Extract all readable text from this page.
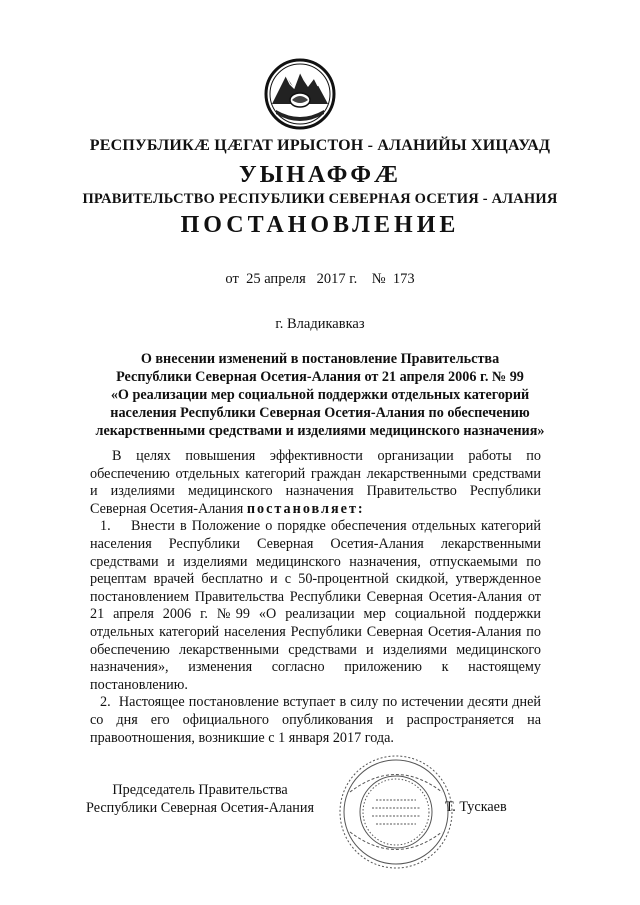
РЕСПУБЛИКÆ ЦÆГАТ ИРЫСТОН - АЛАНИЙЫ ХИЦАУАД
УЫНАФФÆ
ПРАВИТЕЛЬСТВО РЕСПУБЛИКИ СЕВЕРНАЯ ОСЕТИЯ - АЛАНИЯ
ПОСТАНОВЛЕНИЕ
от 25 апреля 2017 г. № 173
г. Владикавказ
О внесении изменений в постановление Правительства
Республики Северная Осетия-Алания от 21 апреля 2006 г. № 99
«О реализации мер социальной поддержки отдельных категорий
населения Республики Северная Осетия-Алания по обеспечению
лекарственными средствами и изделиями медицинского назначения»

В целях повышения эффективности организации работы по обеспечению отдельных категорий граждан лекарственными средствами и изделиями медицинского назначения Правительство Республики Северная Осетия-Алания постановляет:

1.    Внести в Положение о порядке обеспечения отдельных категорий населения Республики Северная Осетия-Алания лекарственными средствами и изделиями медицинского назначения, отпускаемыми по рецептам врачей бесплатно и с 50-процентной скидкой, утвержденное постановлением Правительства Республики Северная Осетия-Алания от 21 апреля 2006 г. №99 «О реализации мер социальной поддержки отдельных категорий населения Республики Северная Осетия-Алания по обеспечению лекарственными средствами и изделиями медицинского назначения», изменения согласно приложению к настоящему постановлению.

2.  Настоящее постановление вступает в силу по истечении десяти дней со дня его официального опубликования и распространяется на правоотношения, возникшие с 1 января 2017 года.

Председатель Правительства
Республики Северная Осетия-Алания	Т. Тускаев
